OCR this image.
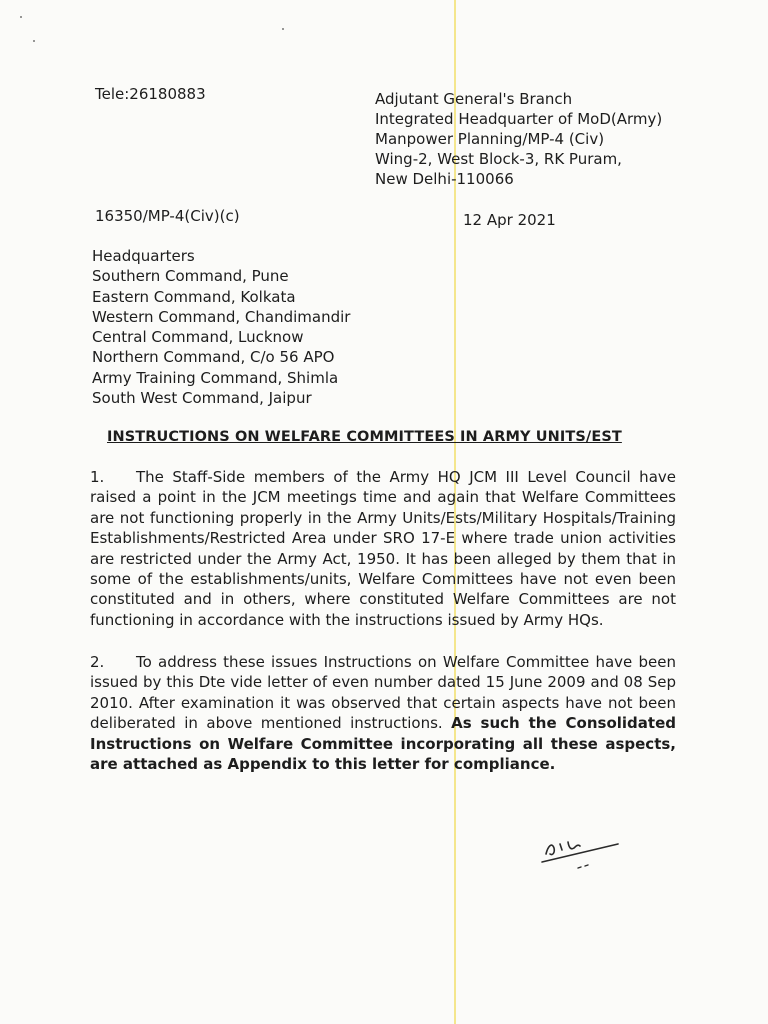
Tele:26180883	Adjutant General's Branch
Integrated Headquarter of MoD(Army)
Manpower Planning/MP-4 (Civ)
Wing-2, West Block-3, RK Puram,
New Delhi-110066
16350/MP-4(Civ)(c)	12 Apr 2021
Headquarters
Southern Command, Pune
Eastern Command, Kolkata
Western Command, Chandimandir
Central Command, Lucknow
Northern Command, C/o 56 APO
Army Training Command, Shimla
South West Command, Jaipur
INSTRUCTIONS ON WELFARE COMMITTEES IN ARMY UNITS/EST
1. The Staff-Side members of the Army HQ JCM III Level Council have raised a point in the JCM meetings time and again that Welfare Committees are not functioning properly in the Army Units/Ests/Military Hospitals/Training Establishments/Restricted Area under SRO 17-E where trade union activities are restricted under the Army Act, 1950. It has been alleged by them that in some of the establishments/units, Welfare Committees have not even been constituted and in others, where constituted Welfare Committees are not functioning in accordance with the instructions issued by Army HQs.
2. To address these issues Instructions on Welfare Committee have been issued by this Dte vide letter of even number dated 15 June 2009 and 08 Sep 2010. After examination it was observed that certain aspects have not been deliberated in above mentioned instructions. As such the Consolidated Instructions on Welfare Committee incorporating all these aspects, are attached as Appendix to this letter for compliance.
